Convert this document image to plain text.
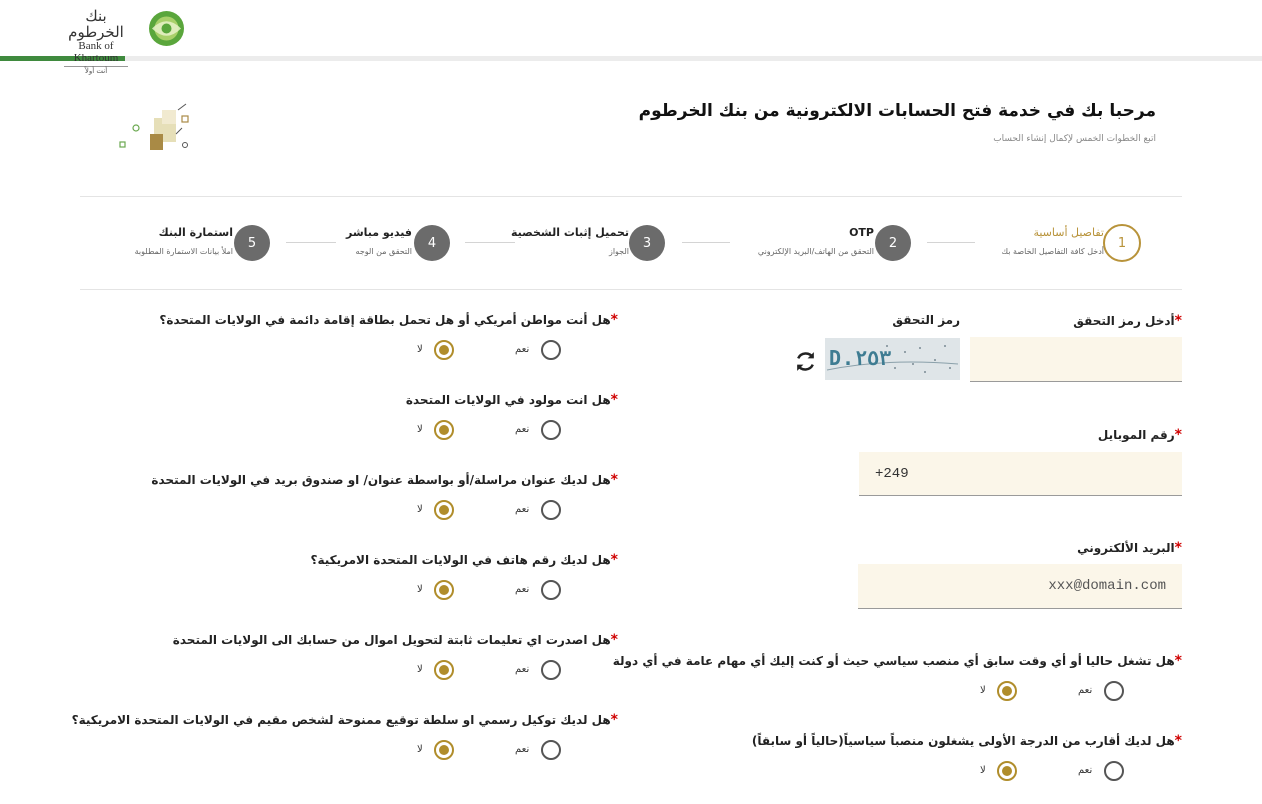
بنك الخرطوم
Bank of Khartoum
أنت أولاً
مرحبا بك في خدمة فتح الحسابات الالكترونية من بنك الخرطوم
اتبع الخطوات الخمس لإكمال إنشاء الحساب
1
تفاصيل أساسية
أدخل كافة التفاصيل الخاصة بك
2
OTP
التحقق من الهاتف/البريد الإلكتروني
3
تحميل إثبات الشخصية
الجواز
4
فيديو مباشر
التحقق من الوجه
5
استمارة البنك
املأ بيانات الاستمارة المطلوبة
*أدخل رمز التحقق
رمز التحقق
D.٢٥٣
*رقم الموبايل
+249
*البريد الألكتروني
xxx@domain.com
*هل تشغل حاليا أو أي وقت سابق أي منصب سياسي حيث أو كنت إليك أي مهام عامة في أي دولة
نعم
لا
*هل لديك أقارب من الدرجة الأولى يشغلون منصباً سياسياً(حالياً أو سابقاً)
نعم
لا
*هل أنت مواطن أمريكي أو هل تحمل بطاقة إقامة دائمة في الولايات المتحدة؟
نعم
لا
*هل انت مولود في الولايات المتحدة
نعم
لا
*هل لديك عنوان مراسلة/أو بواسطة عنوان/ او صندوق بريد في الولايات المتحدة
نعم
لا
*هل لديك رقم هاتف في الولايات المتحدة الامريكية؟
نعم
لا
*هل اصدرت اي تعليمات ثابتة لتحويل اموال من حسابك الى الولايات المتحدة
نعم
لا
*هل لديك توكيل رسمي او سلطة توقيع ممنوحة لشخص مقيم في الولايات المتحدة الامريكية؟
نعم
لا
